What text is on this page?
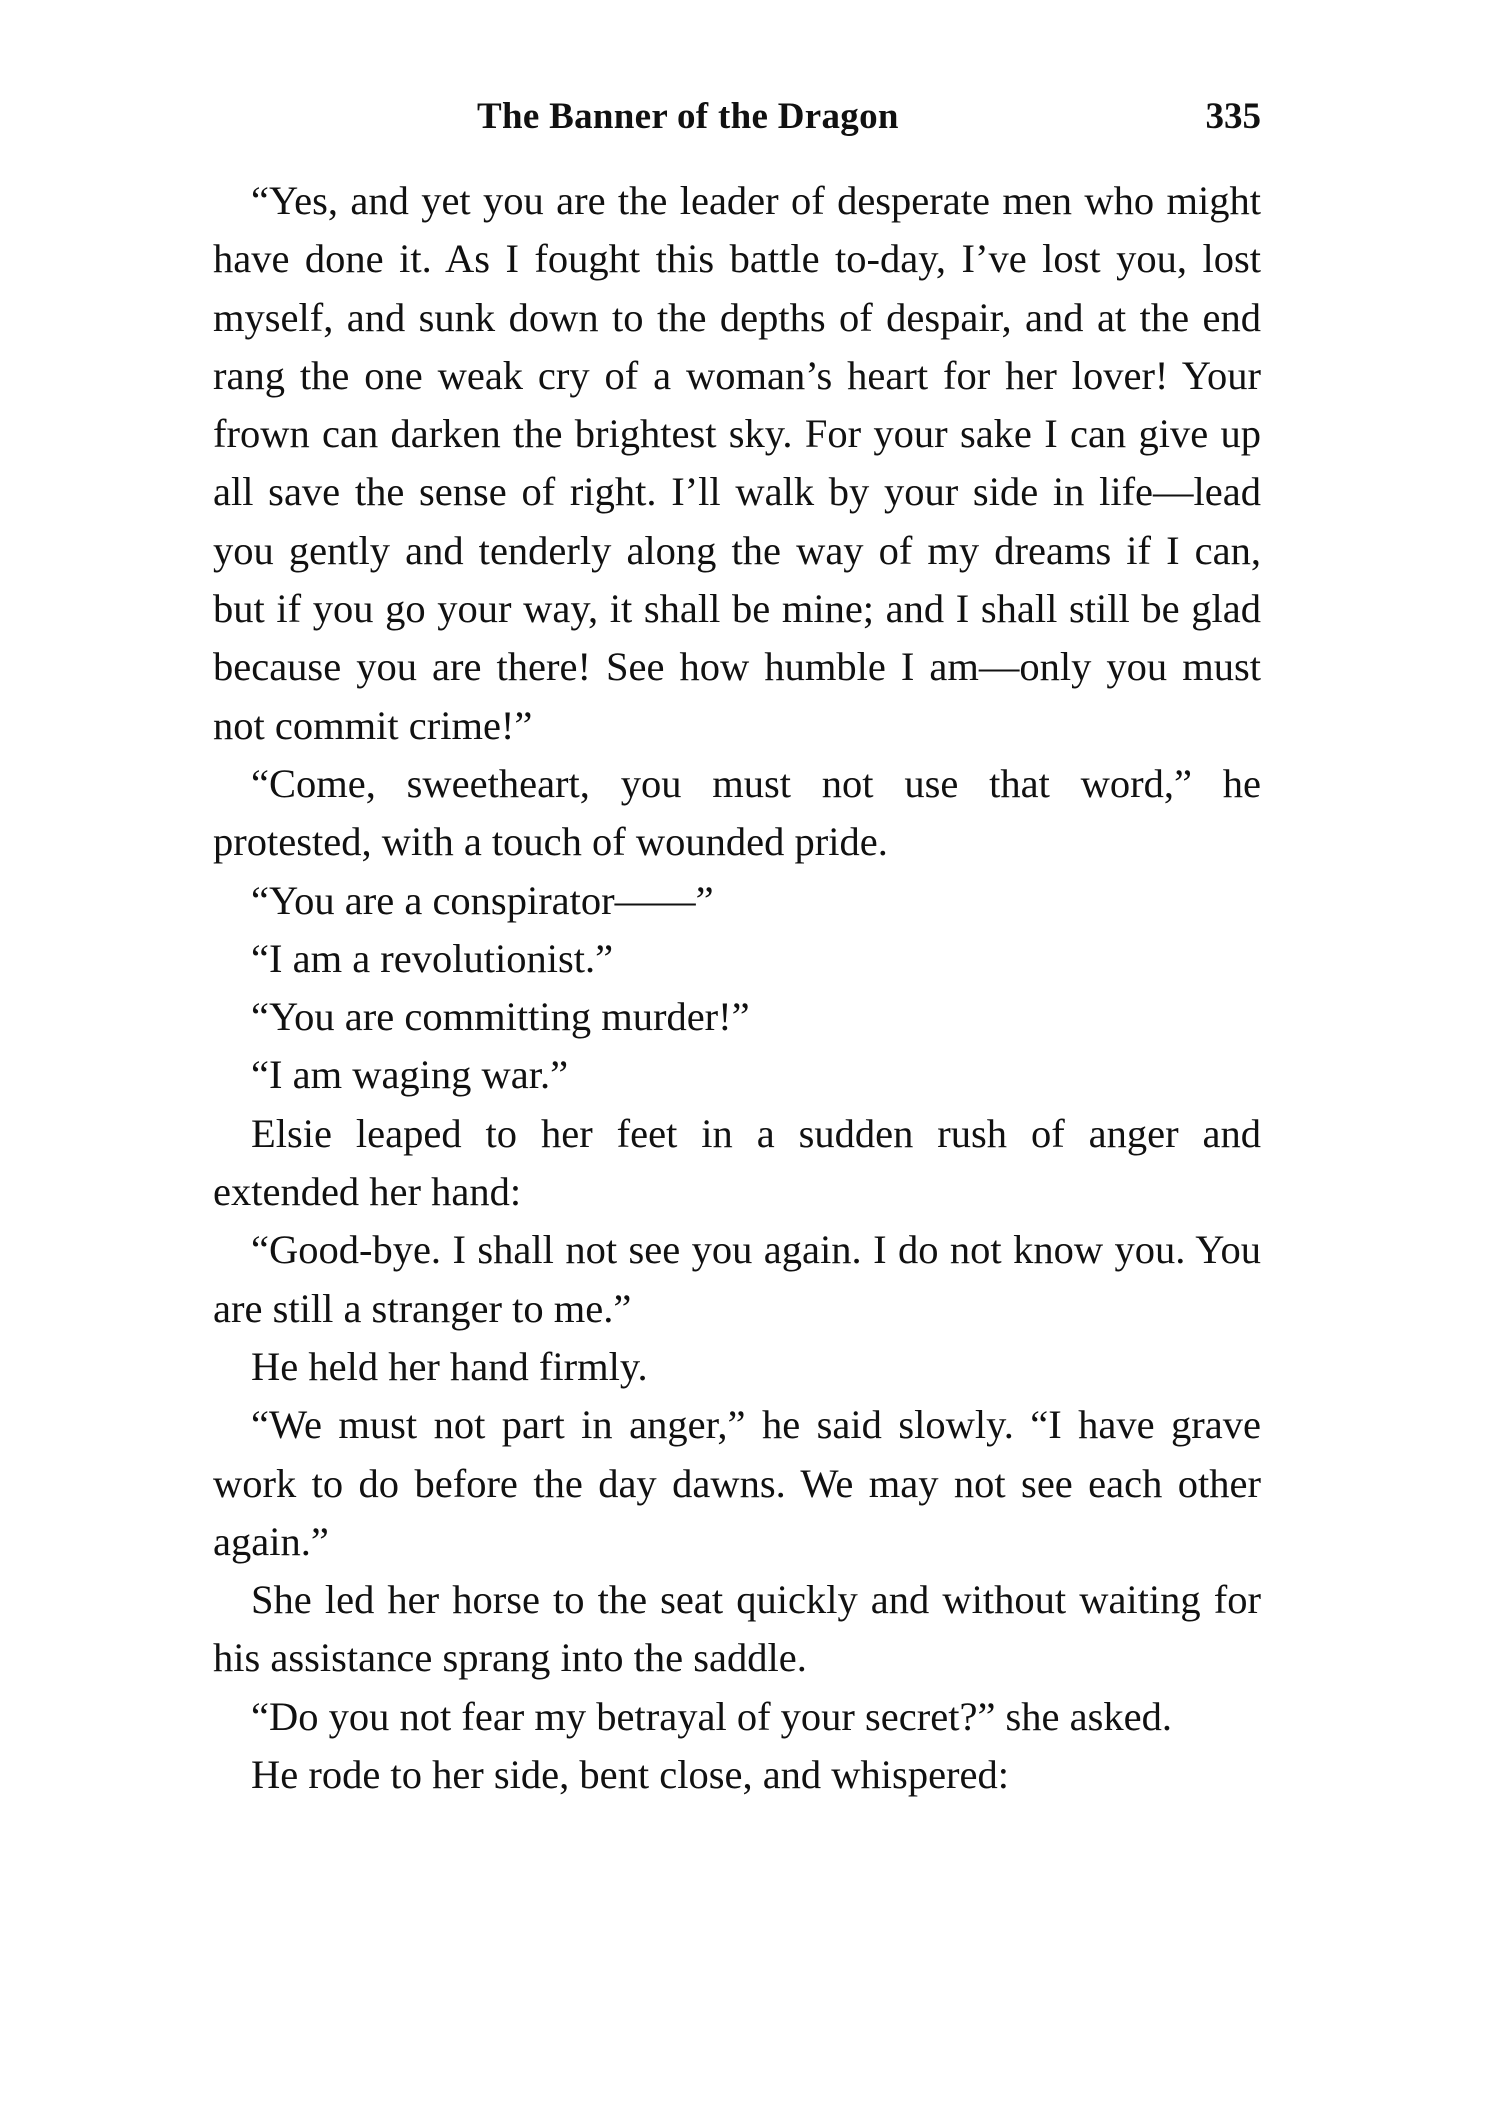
The Banner of the Dragon	335

“Yes, and yet you are the leader of desperate men who might have done it. As I fought this battle to-day, I’ve lost you, lost myself, and sunk down to the depths of despair, and at the end rang the one weak cry of a woman’s heart for her lover! Your frown can darken the brightest sky. For your sake I can give up all save the sense of right. I’ll walk by your side in life—lead you gently and tenderly along the way of my dreams if I can, but if you go your way, it shall be mine; and I shall still be glad because you are there! See how humble I am—only you must not commit crime!”

“Come, sweetheart, you must not use that word,” he protested, with a touch of wounded pride.

“You are a conspirator——”

“I am a revolutionist.”

“You are committing murder!”

“I am waging war.”

Elsie leaped to her feet in a sudden rush of anger and extended her hand:

“Good-bye. I shall not see you again. I do not know you. You are still a stranger to me.”

He held her hand firmly.

“We must not part in anger,” he said slowly. “I have grave work to do before the day dawns. We may not see each other again.”

She led her horse to the seat quickly and without waiting for his assistance sprang into the saddle.

“Do you not fear my betrayal of your secret?” she asked.

He rode to her side, bent close, and whispered:
